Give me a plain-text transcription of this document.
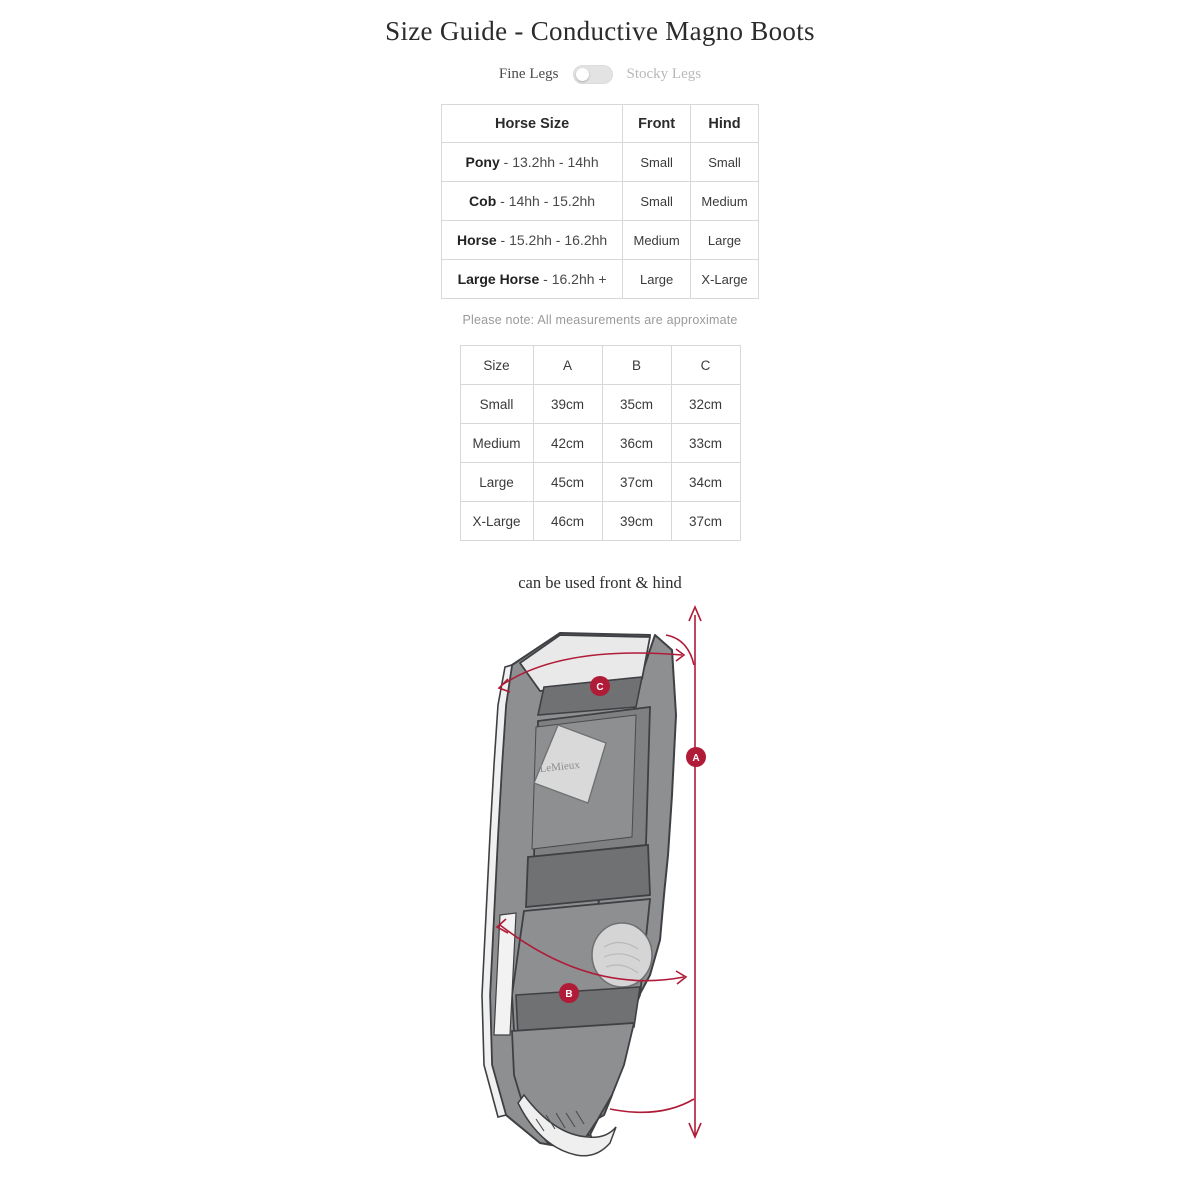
Size Guide - Conductive Magno Boots
Fine Legs	Stocky Legs
Horse Size	Front	Hind
Pony - 13.2hh - 14hh	Small	Small
Cob - 14hh - 15.2hh	Small	Medium
Horse - 15.2hh - 16.2hh	Medium	Large
Large Horse - 16.2hh +	Large	X-Large
Please note: All measurements are approximate
Size	A	B	C
Small	39cm	35cm	32cm
Medium	42cm	36cm	33cm
Large	45cm	37cm	34cm
X-Large	46cm	39cm	37cm
can be used front & hind
LeMieux
A
B
C
